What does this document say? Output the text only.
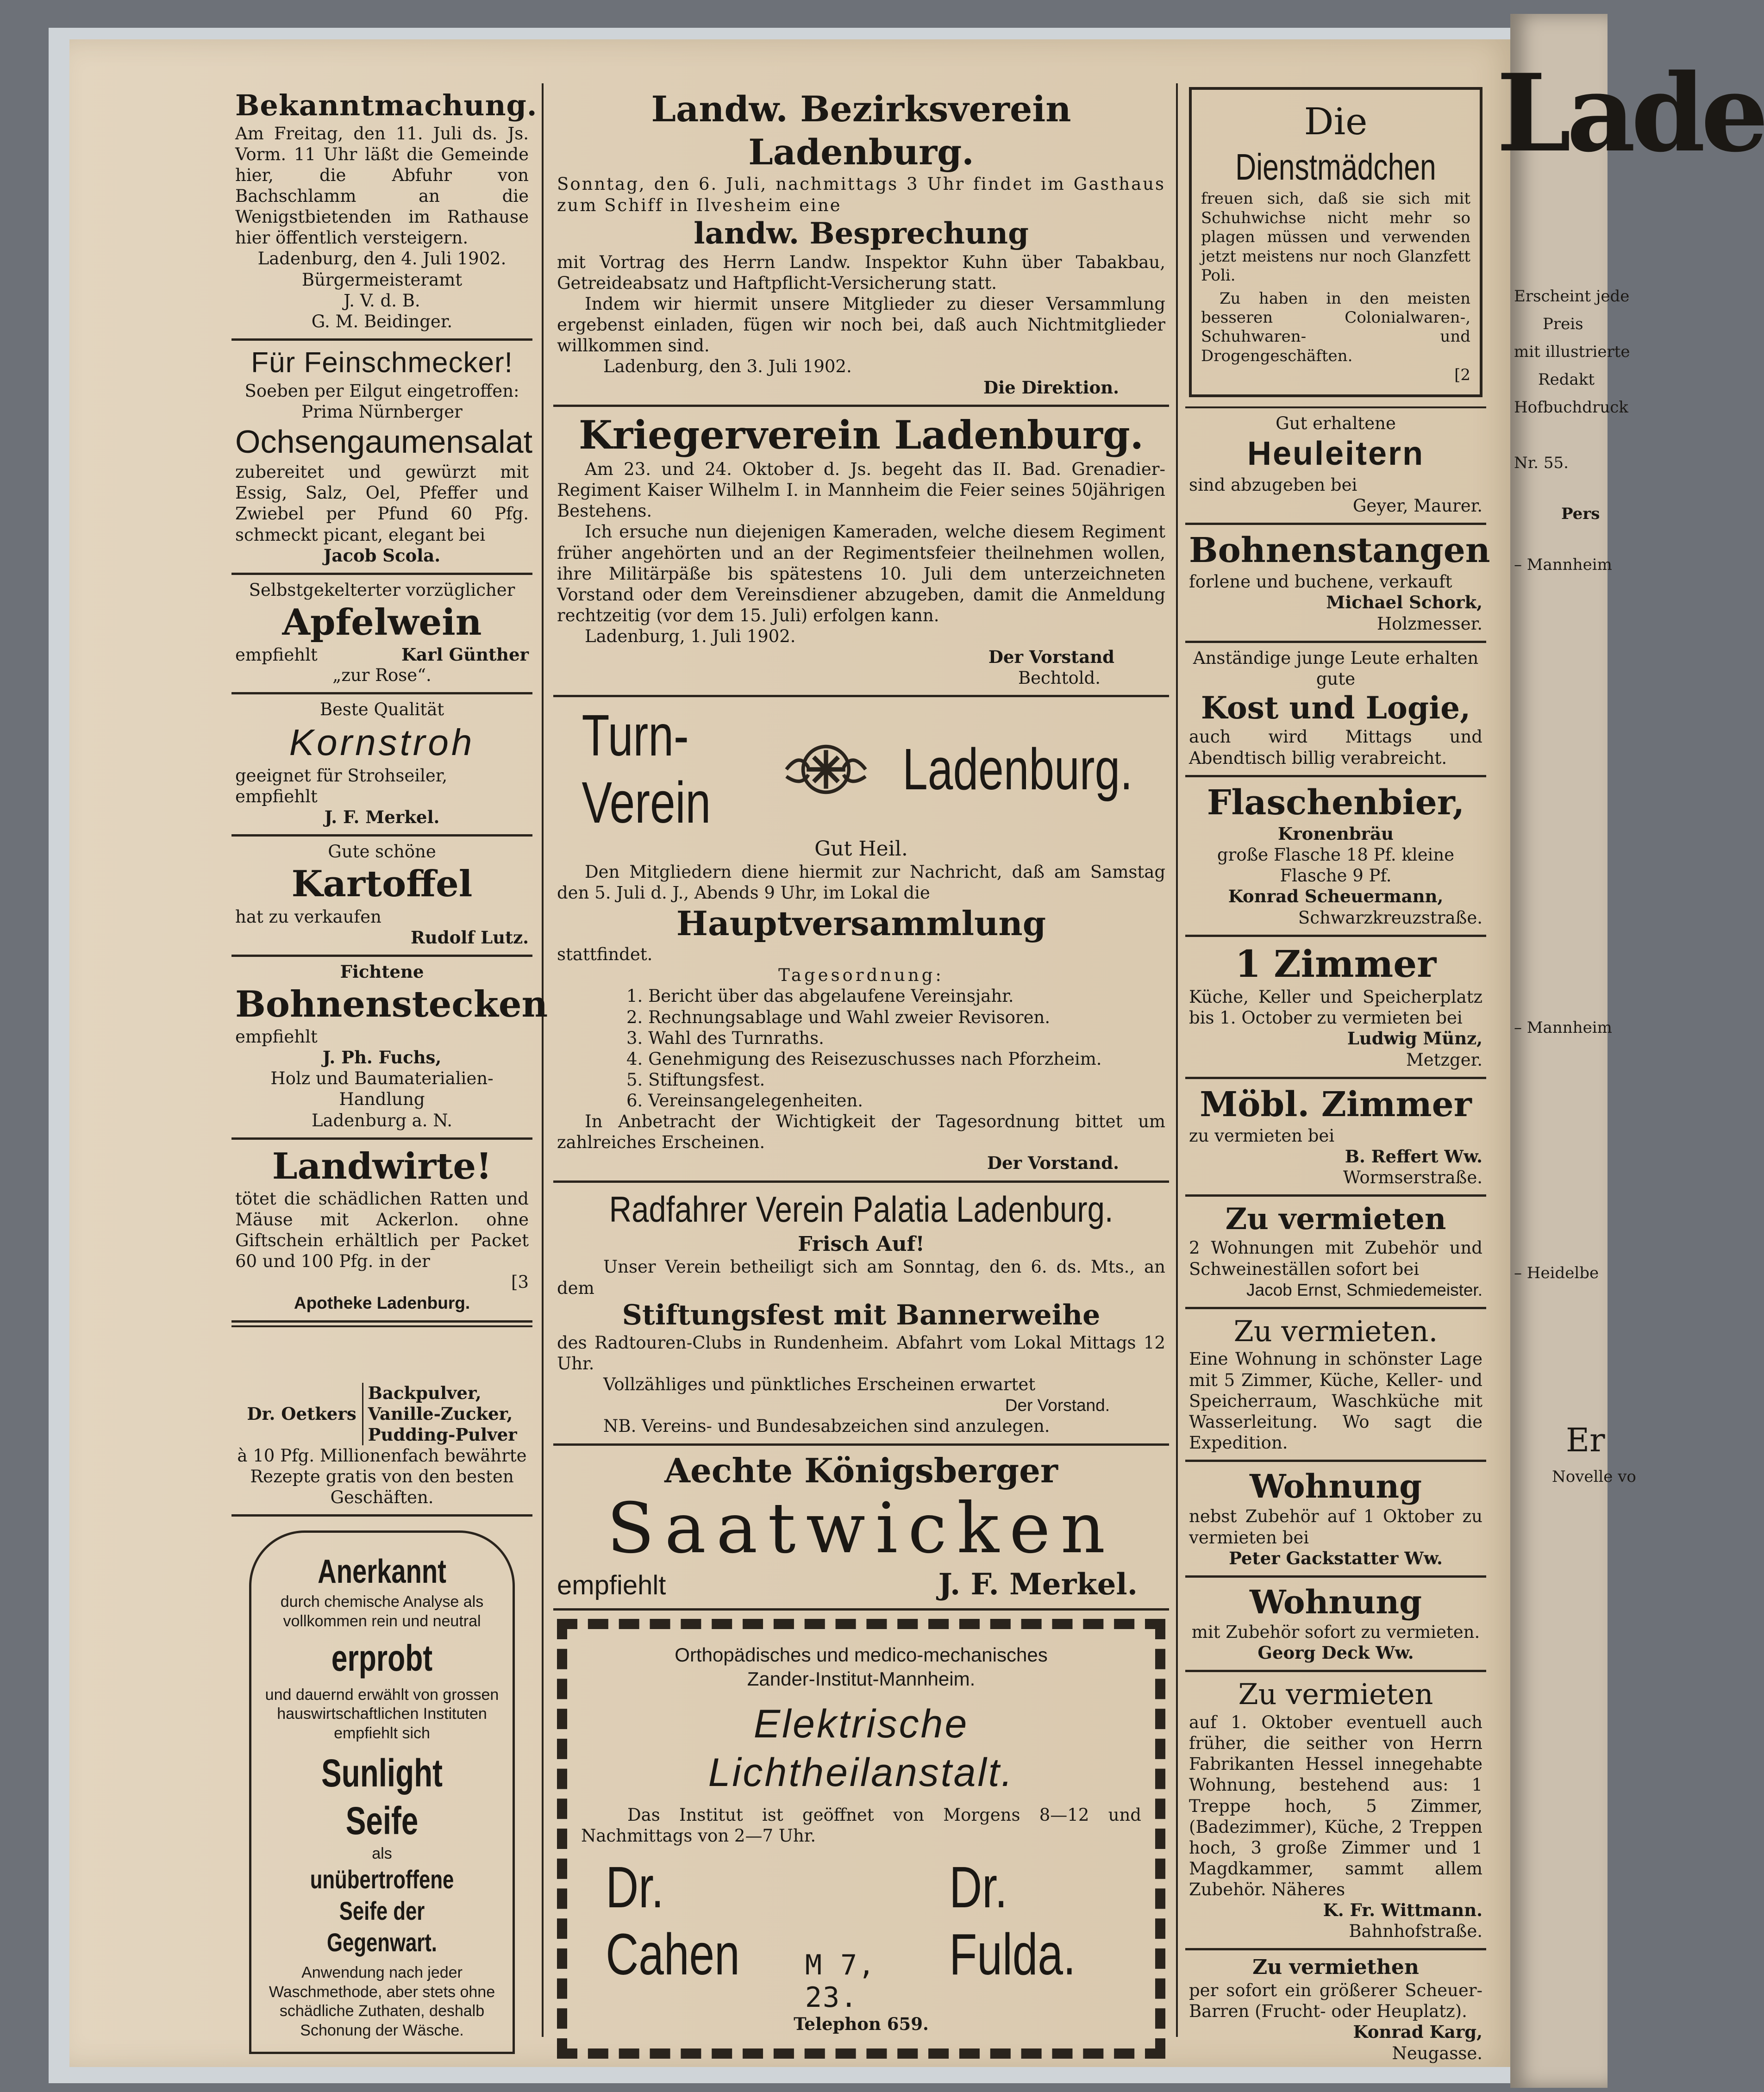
Lade
Erscheint jede
Preis
mit illustrierte
Redakt
Hofbuchdruck
Nr. 55.
Pers
– Mannheim
– Mannheim
– Heidelbe
Er
Novelle vo

Bekanntmachung.

Am Freitag, den 11. Juli ds. Js. Vorm. 11 Uhr läßt die Gemeinde hier, die Abfuhr von Bachschlamm an die Wenigstbietenden im Rathause hier öffentlich versteigern.

Ladenburg, den 4. Juli 1902.

Bürgermeisteramt

J. V. d. B.

G. M. Beidinger.

Für Feinschmecker!

Soeben per Eilgut eingetroffen:

Prima Nürnberger

Ochsengaumensalat

zubereitet und gewürzt mit Essig, Salz, Oel, Pfeffer und Zwiebel per Pfund 60 Pfg. schmeckt picant, elegant bei

Jacob Scola.

Selbstgekelterter vorzüglicher

Apfelwein

empfiehlt	Karl Günther

„zur Rose“.

Beste Qualität

Kornstroh

geeignet für Strohseiler, empfiehlt

J. F. Merkel.

Gute schöne

Kartoffel

hat zu verkaufen

Rudolf Lutz.

Fichtene

Bohnenstecken

empfiehlt

J. Ph. Fuchs,

Holz und Baumaterialien-Handlung

Ladenburg a. N.

Landwirte!

tötet die schädlichen Ratten und Mäuse mit Ackerlon. ohne Giftschein erhältlich per Packet 60 und 100 Pfg. in der

[3

Apotheke Ladenburg.

Dr. Oetkers

Backpulver,

Vanille-Zucker,

Pudding-Pulver

à 10 Pfg. Millionenfach bewährte Rezepte gratis von den besten Geschäften.

Anerkannt

durch chemische Analyse als vollkommen rein und neutral

erprobt

und dauernd erwählt von grossen hauswirtschaftlichen Instituten empfiehlt sich

Sunlight Seife

als

unübertroffene Seife der Gegenwart.

Anwendung nach jeder Waschmethode, aber stets ohne schädliche Zuthaten, deshalb Schonung der Wäsche.

Landw. Bezirksverein Ladenburg.

Sonntag, den 6. Juli, nachmittags 3 Uhr findet im Gasthaus zum Schiff in Ilvesheim eine

landw. Besprechung

mit Vortrag des Herrn Landw. Inspektor Kuhn über Tabakbau, Getreideabsatz und Haftpflicht-Versicherung statt.

Indem wir hiermit unsere Mitglieder zu dieser Versammlung ergebenst einladen, fügen wir noch bei, daß auch Nichtmitglieder willkommen sind.

Ladenburg, den 3. Juli 1902.

Die Direktion.

Kriegerverein Ladenburg.

Am 23. und 24. Oktober d. Js. begeht das II. Bad. Grenadier-Regiment Kaiser Wilhelm I. in Mannheim die Feier seines 50jährigen Bestehens.

Ich ersuche nun diejenigen Kameraden, welche diesem Regiment früher angehörten und an der Regimentsfeier theilnehmen wollen, ihre Militärpäße bis spätestens 10. Juli dem unterzeichneten Vorstand oder dem Vereinsdiener abzugeben, damit die Anmeldung rechtzeitig (vor dem 15. Juli) erfolgen kann.

Ladenburg, 1. Juli 1902.

Der Vorstand

Bechtold.

Turn-Verein
Ladenburg.

Gut Heil.

Den Mitgliedern diene hiermit zur Nachricht, daß am Samstag den 5. Juli d. J., Abends 9 Uhr, im Lokal die

Hauptversammlung

stattfindet.

Tagesordnung:

1. Bericht über das abgelaufene Vereinsjahr.

2. Rechnungsablage und Wahl zweier Revisoren.

3. Wahl des Turnraths.

4. Genehmigung des Reisezuschusses nach Pforzheim.

5. Stiftungsfest.

6. Vereinsangelegenheiten.

In Anbetracht der Wichtigkeit der Tagesordnung bittet um zahlreiches Erscheinen.

Der Vorstand.

Radfahrer Verein Palatia Ladenburg.

Frisch Auf!

Unser Verein betheiligt sich am Sonntag, den 6. ds. Mts., an dem

Stiftungsfest mit Bannerweihe

des Radtouren-Clubs in Rundenheim. Abfahrt vom Lokal Mittags 12 Uhr.

Vollzähliges und pünktliches Erscheinen erwartet

Der Vorstand.

NB. Vereins- und Bundesabzeichen sind anzulegen.

Aechte Königsberger

Saatwicken

empfiehlt	J. F. Merkel.

Orthopädisches und medico-mechanisches

Zander-Institut-Mannheim.

Elektrische

Lichtheilanstalt.

Das Institut ist geöffnet von Morgens 8—12 und Nachmittags von 2—7 Uhr.

Dr. Cahen	M 7, 23.
Dr. Fulda.

Telephon 659.

Die

Dienstmädchen

freuen sich, daß sie sich mit Schuhwichse nicht mehr so plagen müssen und verwenden jetzt meistens nur noch Glanzfett Poli.

Zu haben in den meisten besseren Colonialwaren-, Schuhwaren- und Drogengeschäften.

[2

Gut erhaltene

Heuleitern

sind abzugeben bei

Geyer, Maurer.

Bohnenstangen

forlene und buchene, verkauft

Michael Schork,

Holzmesser.

Anständige junge Leute erhalten gute

Kost und Logie,

auch wird Mittags und Abendtisch billig verabreicht.

Flaschenbier,

Kronenbräu

große Flasche 18 Pf. kleine Flasche 9 Pf.

Konrad Scheuermann,

Schwarzkreuzstraße.

1 Zimmer

Küche, Keller und Speicherplatz bis 1. October zu vermieten bei

Ludwig Münz,

Metzger.

Möbl. Zimmer

zu vermieten bei

B. Reffert Ww.

Wormserstraße.

Zu vermieten

2 Wohnungen mit Zubehör und Schweineställen sofort bei

Jacob Ernst, Schmiedemeister.

Zu vermieten.

Eine Wohnung in schönster Lage mit 5 Zimmer, Küche, Keller- und Speicherraum, Waschküche mit Wasserleitung. Wo sagt die Expedition.

Wohnung

nebst Zubehör auf 1 Oktober zu vermieten bei

Peter Gackstatter Ww.

Wohnung

mit Zubehör sofort zu vermieten.

Georg Deck Ww.

Zu vermieten

auf 1. Oktober eventuell auch früher, die seither von Herrn Fabrikanten Hessel innegehabte Wohnung, bestehend aus: 1 Treppe hoch, 5 Zimmer, (Badezimmer), Küche, 2 Treppen hoch, 3 große Zimmer und 1 Magdkammer, sammt allem Zubehör. Näheres

K. Fr. Wittmann.

Bahnhofstraße.

Zu vermiethen

per sofort ein größerer Scheuer-Barren (Frucht- oder Heuplatz).

Konrad Karg,

Neugasse.
